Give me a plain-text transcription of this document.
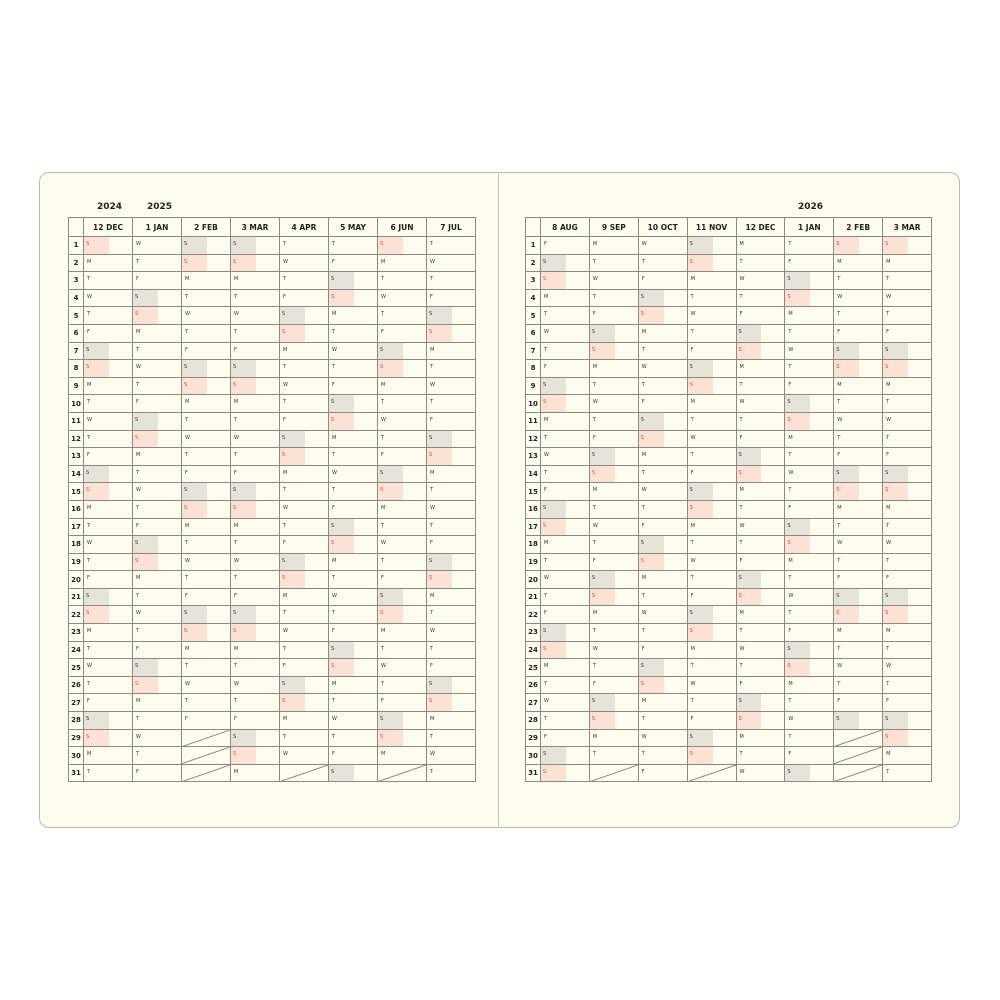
2024	2025	2026
	12 DEC	1 JAN	2 FEB	3 MAR	4 APR	5 MAY	6 JUN	7 JUL
1	S	W	S	S	T	T	S	T

2	M	T	S	S	W	F	M	W

3	T	F	M	M	T	S	T	T

4	W	S	T	T	F	S	W	F

5	T	S	W	W	S	M	T	S

6	F	M	T	T	S	T	F	S

7	S	T	F	F	M	W	S	M

8	S	W	S	S	T	T	S	T

9	M	T	S	S	W	F	M	W

10	T	F	M	M	T	S	T	T

11	W	S	T	T	F	S	W	F

12	T	S	W	W	S	M	T	S

13	F	M	T	T	S	T	F	S

14	S	T	F	F	M	W	S	M

15	S	W	S	S	T	T	S	T

16	M	T	S	S	W	F	M	W

17	T	F	M	M	T	S	T	T

18	W	S	T	T	F	S	W	F

19	T	S	W	W	S	M	T	S

20	F	M	T	T	S	T	F	S

21	S	T	F	F	M	W	S	M

22	S	W	S	S	T	T	S	T

23	M	T	S	S	W	F	M	W

24	T	F	M	M	T	S	T	T

25	W	S	T	T	F	S	W	F

26	T	S	W	W	S	M	T	S

27	F	M	T	T	S	T	F	S

28	S	T	F	F	M	W	S	M

29	S	W		S	T	T	S	T

30	M	T		S	W	F	M	W

31	T	F		M		S		T
	8 AUG	9 SEP	10 OCT	11 NOV	12 DEC	1 JAN	2 FEB	3 MAR
1	F	M	W	S	M	T	S	S

2	S	T	T	S	T	F	M	M

3	S	W	F	M	W	S	T	T

4	M	T	S	T	T	S	W	W

5	T	F	S	W	F	M	T	T

6	W	S	M	T	S	T	F	F

7	T	S	T	F	S	W	S	S

8	F	M	W	S	M	T	S	S

9	S	T	T	S	T	F	M	M

10	S	W	F	M	W	S	T	T

11	M	T	S	T	T	S	W	W

12	T	F	S	W	F	M	T	T

13	W	S	M	T	S	T	F	F

14	T	S	T	F	S	W	S	S

15	F	M	W	S	M	T	S	S

16	S	T	T	S	T	F	M	M

17	S	W	F	M	W	S	T	T

18	M	T	S	T	T	S	W	W

19	T	F	S	W	F	M	T	T

20	W	S	M	T	S	T	F	F

21	T	S	T	F	S	W	S	S

22	F	M	W	S	M	T	S	S

23	S	T	T	S	T	F	M	M

24	S	W	F	M	W	S	T	T

25	M	T	S	T	T	S	W	W

26	T	F	S	W	F	M	T	T

27	W	S	M	T	S	T	F	F

28	T	S	T	F	S	W	S	S

29	F	M	W	S	M	T		S

30	S	T	T	S	T	F		M

31	S		F		W	S		T
